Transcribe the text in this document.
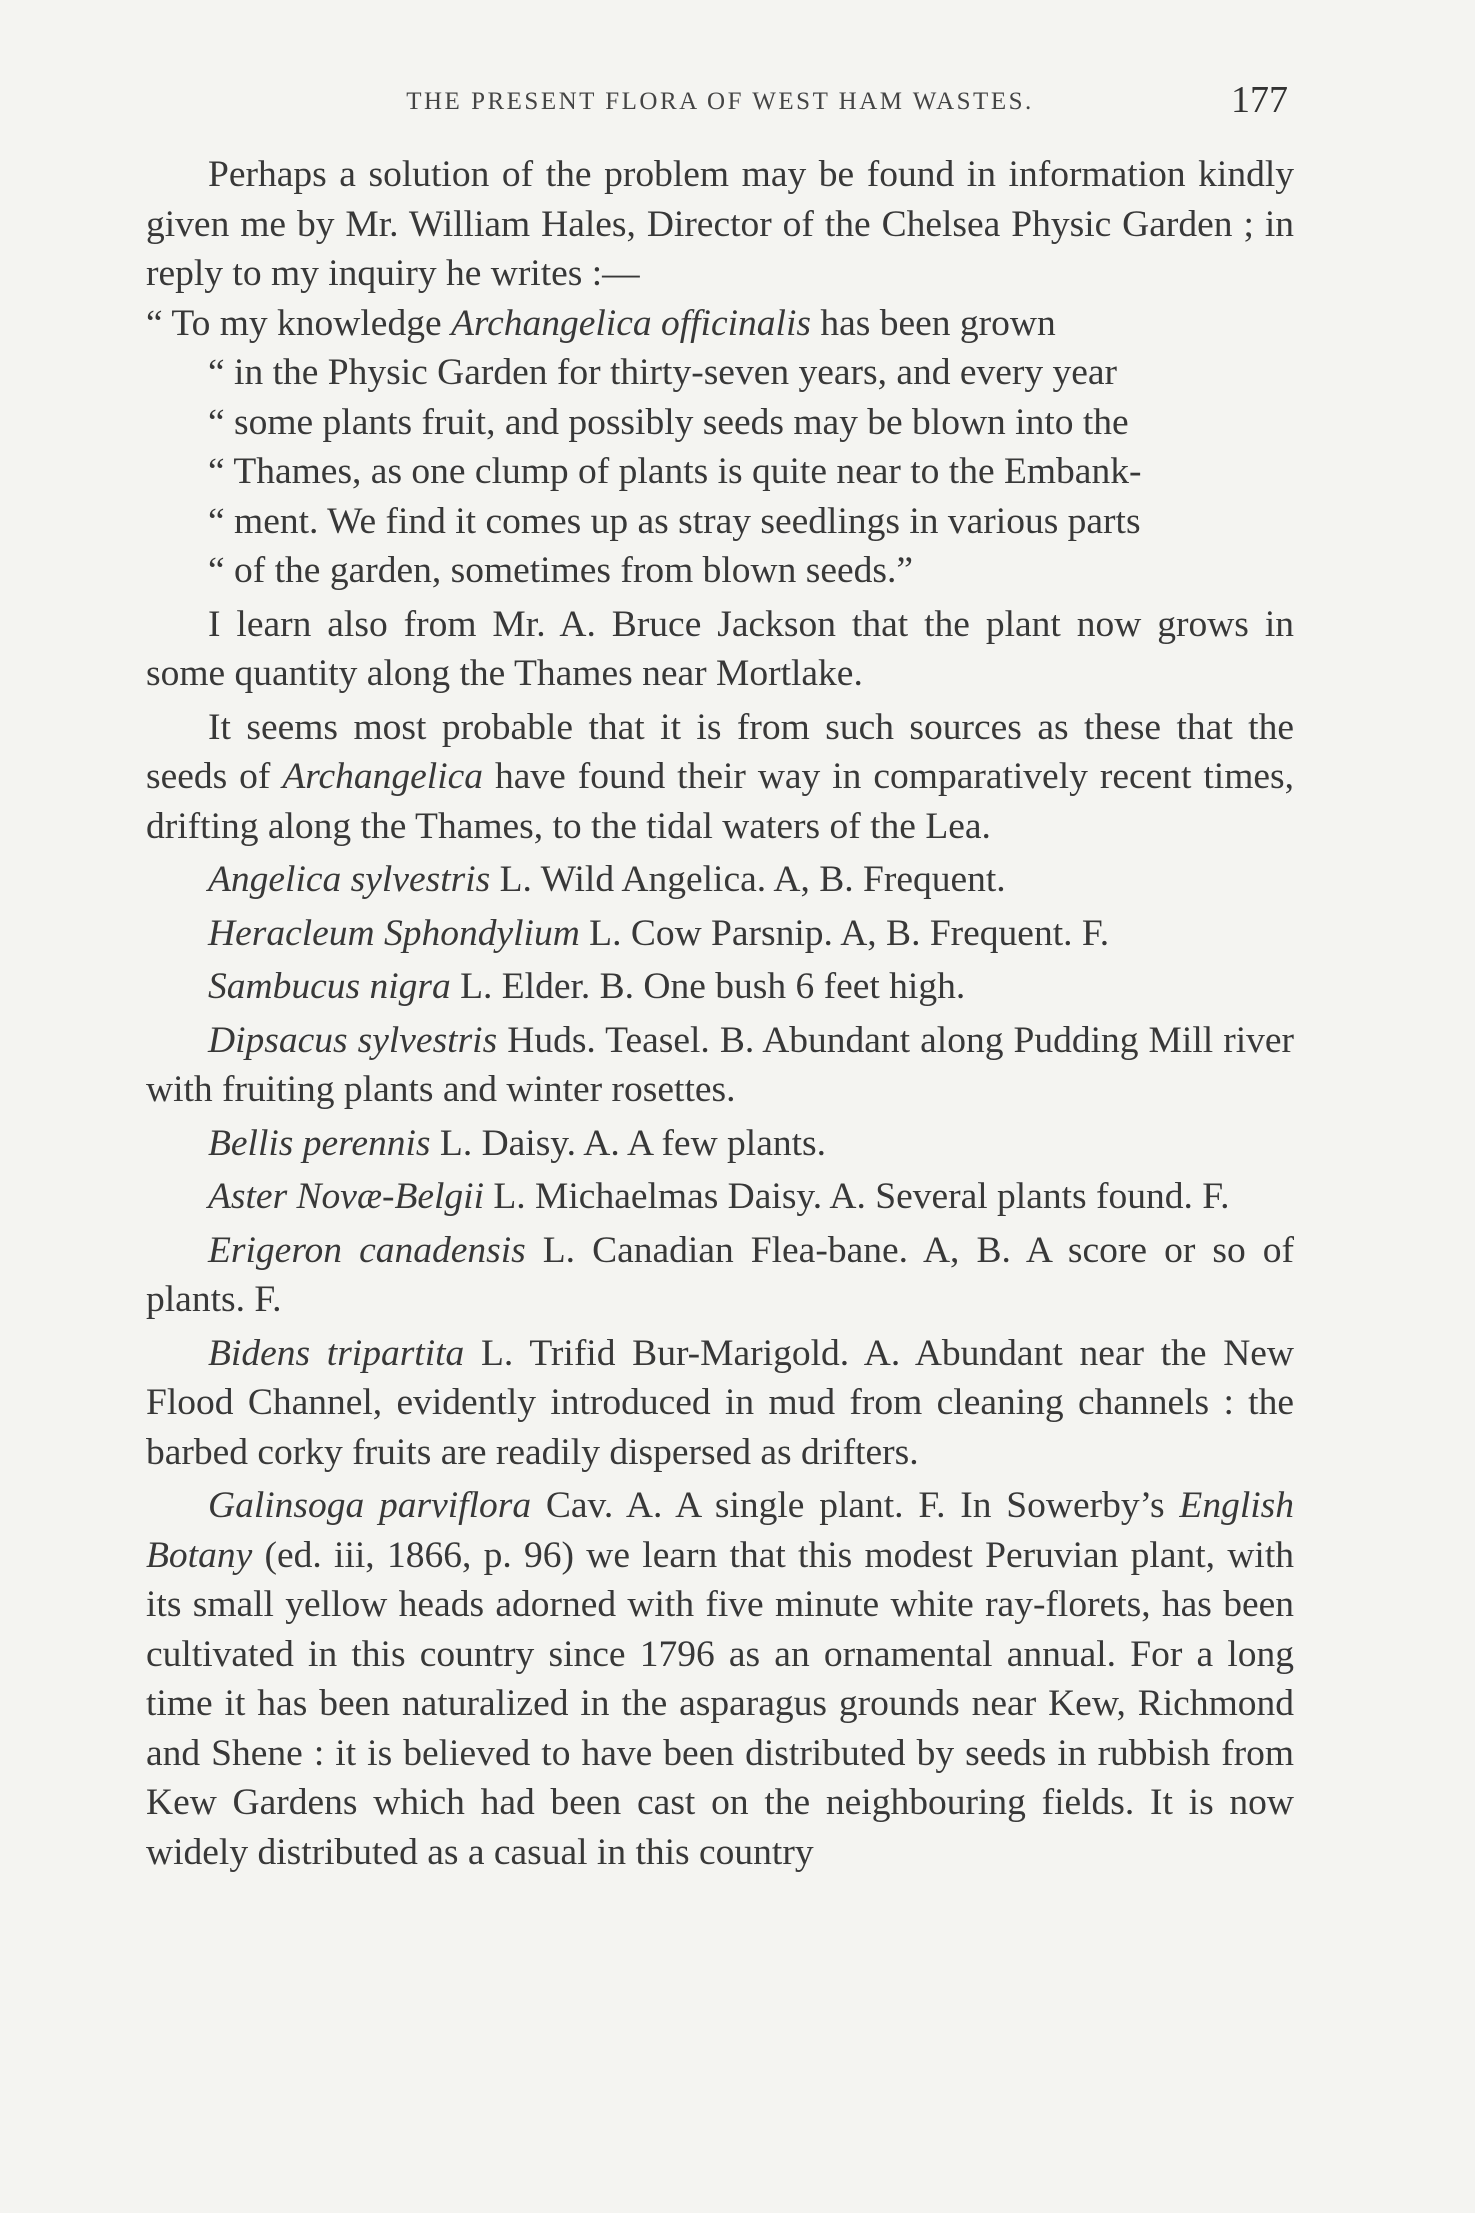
THE PRESENT FLORA OF WEST HAM WASTES.	177

Perhaps a solution of the problem may be found in information kindly given me by Mr. William Hales, Director of the Chelsea Physic Garden ; in reply to my inquiry he writes :—
“ To my knowledge Archangelica officinalis has been grown
“ in the Physic Garden for thirty-seven years, and every year
“ some plants fruit, and possibly seeds may be blown into the
“ Thames, as one clump of plants is quite near to the Embank-
“ ment. We find it comes up as stray seedlings in various parts
“ of the garden, sometimes from blown seeds.”

I learn also from Mr. A. Bruce Jackson that the plant now grows in some quantity along the Thames near Mortlake.

It seems most probable that it is from such sources as these that the seeds of Archangelica have found their way in comparatively recent times, drifting along the Thames, to the tidal waters of the Lea.

Angelica sylvestris L. Wild Angelica. A, B. Frequent.

Heracleum Sphondylium L. Cow Parsnip. A, B. Frequent. F.

Sambucus nigra L. Elder. B. One bush 6 feet high.

Dipsacus sylvestris Huds. Teasel. B. Abundant along Pudding Mill river with fruiting plants and winter rosettes.

Bellis perennis L. Daisy. A. A few plants.

Aster Novæ-Belgii L. Michaelmas Daisy. A. Several plants found. F.

Erigeron canadensis L. Canadian Flea-bane. A, B. A score or so of plants. F.

Bidens tripartita L. Trifid Bur-Marigold. A. Abundant near the New Flood Channel, evidently introduced in mud from cleaning channels : the barbed corky fruits are readily dispersed as drifters.

Galinsoga parviflora Cav. A. A single plant. F. In Sowerby’s English Botany (ed. iii, 1866, p. 96) we learn that this modest Peruvian plant, with its small yellow heads adorned with five minute white ray-florets, has been cultivated in this country since 1796 as an ornamental annual. For a long time it has been naturalized in the asparagus grounds near Kew, Richmond and Shene : it is believed to have been distributed by seeds in rubbish from Kew Gardens which had been cast on the neighbouring fields. It is now widely distributed as a casual in this country
